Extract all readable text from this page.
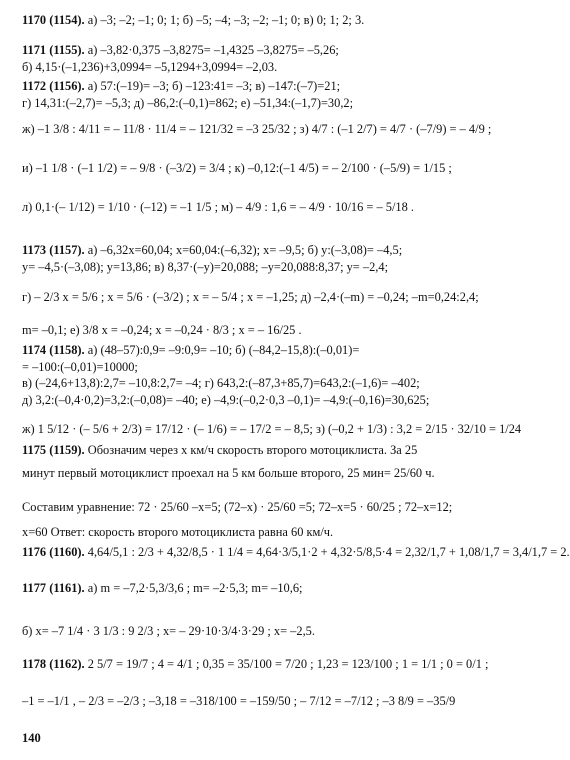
1170 (1154). а) –3; –2; –1; 0; 1; б) –5; –4; –3; –2; –1; 0; в) 0; 1; 2; 3.
1171 (1155). а) –3,82·0,375 –3,8275= –1,4325 –3,8275= –5,26;
б) 4,15·(–1,236)+3,0994= –5,1294+3,0994= –2,03.
1172 (1156). а) 57:(–19)= –3; б) –123:41= –3; в) –147:(–7)=21;
г) 14,31:(–2,7)= –5,3; д) –86,2:(–0,1)=862; е) –51,34:(–1,7)=30,2;
ж) –1 3/8 : 4/11 = – 11/8 · 11/4 = – 121/32 = –3 25/32 ; з) 4/7 : (–1 2/7) = 4/7 · (–7/9) = – 4/9 ;
и) –1 1/8 · (–1 1/2) = – 9/8 · (–3/2) = 3/4 ; к) –0,12:(–1 4/5) = – 2/100 · (–5/9) = 1/15 ;
л) 0,1·(– 1/12) = 1/10 · (–12) = –1 1/5 ; м) – 4/9 : 1,6 = – 4/9 · 10/16 = – 5/18 .
1173 (1157). а) –6,32x=60,04; x=60,04:(–6,32); x= –9,5; б) y:(–3,08)= –4,5;
y= –4,5·(–3,08); y=13,86; в) 8,37·(–y)=20,088; –y=20,088:8,37; y= –2,4;
г) – 2/3 x = 5/6 ; x = 5/6 · (–3/2) ; x = – 5/4 ; x = –1,25; д) –2,4·(–m) = –0,24; –m=0,24:2,4;
m= –0,1; е) 3/8 x = –0,24; x = –0,24 · 8/3 ; x = – 16/25 .
1174 (1158). а) (48–57):0,9= –9:0,9= –10; б) (–84,2–15,8):(–0,01)=
= –100:(–0,01)=10000;
в) (–24,6+13,8):2,7= –10,8:2,7= –4; г) 643,2:(–87,3+85,7)=643,2:(–1,6)= –402;
д) 3,2:(–0,4·0,2)=3,2:(–0,08)= –40; е) –4,9:(–0,2·0,3 –0,1)= –4,9:(–0,16)=30,625;
ж) 1 5/12 · (– 5/6 + 2/3) = 17/12 · (– 1/6) = – 17/2 = – 8,5; з) (–0,2 + 1/3) : 3,2 = 2/15 · 32/10 = 1/24
1175 (1159). Обозначим через x км/ч скорость второго мотоциклиста. За 25
минут первый мотоциклист проехал на 5 км больше второго, 25 мин= 25/60 ч.
Составим уравнение: 72 · 25/60 –x=5; (72–x) · 25/60 =5; 72–x=5 · 60/25 ; 72–x=12;
x=60 Ответ: скорость второго мотоциклиста равна 60 км/ч.
1176 (1160). 4,64/5,1 : 2/3 + 4,32/8,5 · 1 1/4 = 4,64·3/5,1·2 + 4,32·5/8,5·4 = 2,32/1,7 + 1,08/1,7 = 3,4/1,7 = 2.
1177 (1161). а) m = –7,2·5,3/3,6 ; m= –2·5,3; m= –10,6;
б) x= –7 1/4 · 3 1/3 : 9 2/3 ; x= – 29·10·3/4·3·29 ; x= –2,5.
1178 (1162). 2 5/7 = 19/7 ; 4 = 4/1 ; 0,35 = 35/100 = 7/20 ; 1,23 = 123/100 ; 1 = 1/1 ; 0 = 0/1 ;
–1 = –1/1 , – 2/3 = –2/3 ; –3,18 = –318/100 = –159/50 ; – 7/12 = –7/12 ; –3 8/9 = –35/9
140
